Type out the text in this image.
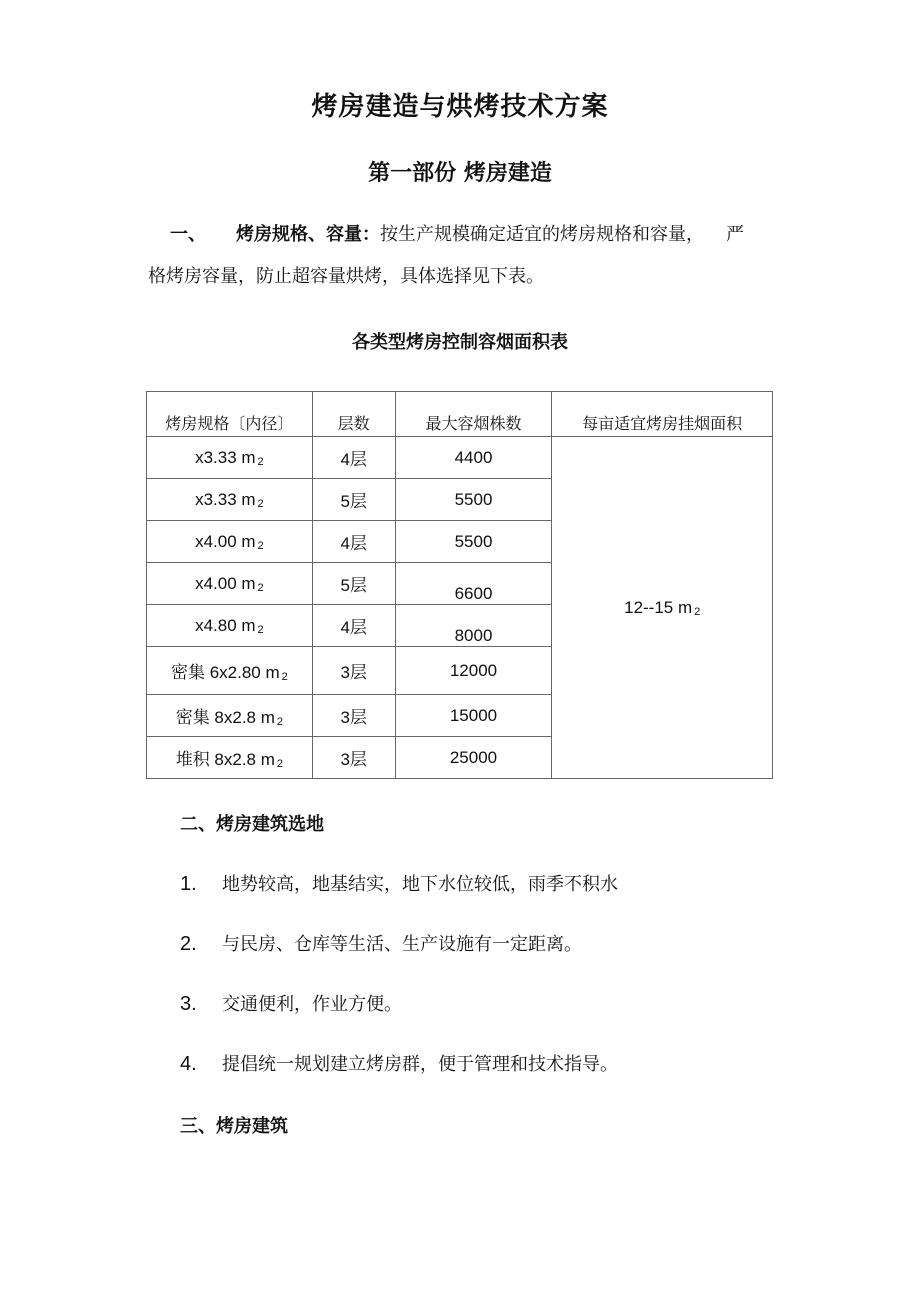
烤房建造与烘烤技术方案
第一部份 烤房建造
一、 烤房规格、容量：按生产规模确定适宜的烤房规格和容量， 严
格烤房容量，防止超容量烘烤，具体选择见下表。
各类型烤房控制容烟面积表
烤房规格〔内径〕	层数	最大容烟株数	每亩适宜烤房挂烟面积
x3.33 m 2	4层	4400	12--15 m 2
x3.33 m 2	5层	5500	
x4.00 m 2	4层	5500	
x4.00 m 2	5层	6600	
x4.80 m 2	4层	8000	
密集 6x2.80 m 2	3层	12000	
密集 8x2.8 m 2	3层	15000	
堆积 8x2.8 m 2	3层	25000	
二、烤房建筑选地
1. 地势较高，地基结实，地下水位较低，雨季不积水
2. 与民房、仓库等生活、生产设施有一定距离。
3. 交通便利，作业方便。
4. 提倡统一规划建立烤房群，便于管理和技术指导。
三、烤房建筑
